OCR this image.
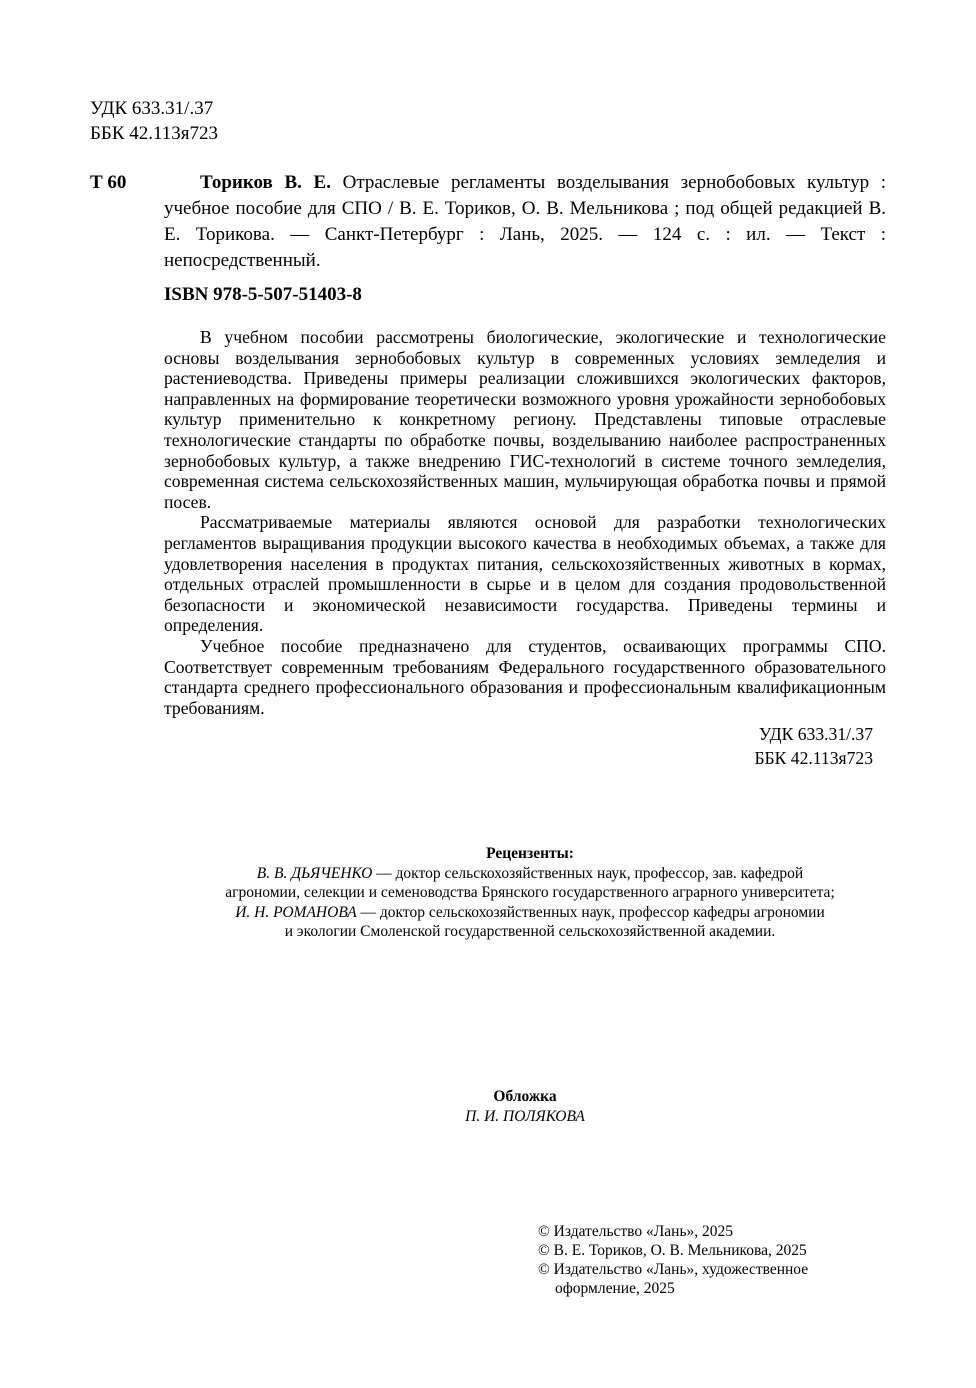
УДК 633.31/.37
ББК 42.113я723
Т 60	Ториков В. Е. Отраслевые регламенты возделывания зернобобовых культур : учебное пособие для СПО / В. Е. Ториков, О. В. Мельникова ; под общей редакцией В. Е. Торикова. — Санкт-Петербург : Лань, 2025. — 124 с. : ил. — Текст : непосредственный.
ISBN 978-5-507-51403-8

В учебном пособии рассмотрены биологические, экологические и технологические основы возделывания зернобобовых культур в современных условиях земледелия и растениеводства. Приведены примеры реализации сложившихся экологических факторов, направленных на формирование теоретически возможного уровня урожайности зернобобовых культур применительно к конкретному региону. Представлены типовые отраслевые технологические стандарты по обработке почвы, возделыванию наиболее распространенных зернобобовых культур, а также внедрению ГИС-технологий в системе точного земледелия, современная система сельскохозяйственных машин, мульчирующая обработка почвы и прямой посев.

Рассматриваемые материалы являются основой для разработки технологических регламентов выращивания продукции высокого качества в необходимых объемах, а также для удовлетворения населения в продуктах питания, сельскохозяйственных животных в кормах, отдельных отраслей промышленности в сырье и в целом для создания продовольственной безопасности и экономической независимости государства. Приведены термины и определения.

Учебное пособие предназначено для студентов, осваивающих программы СПО. Соответствует современным требованиям Федерального государственного образовательного стандарта среднего профессионального образования и профессиональным квалификационным требованиям.

УДК 633.31/.37
ББК 42.113я723
Рецензенты:
В. В. ДЬЯЧЕНКО — доктор сельскохозяйственных наук, профессор, зав. кафедрой
агрономии, селекции и семеноводства Брянского государственного аграрного университета;
И. Н. РОМАНОВА — доктор сельскохозяйственных наук, профессор кафедры агрономии
и экологии Смоленской государственной сельскохозяйственной академии.
Обложка
П. И. ПОЛЯКОВА
© Издательство «Лань», 2025
© В. Е. Ториков, О. В. Мельникова, 2025
© Издательство «Лань», художественное
оформление, 2025
